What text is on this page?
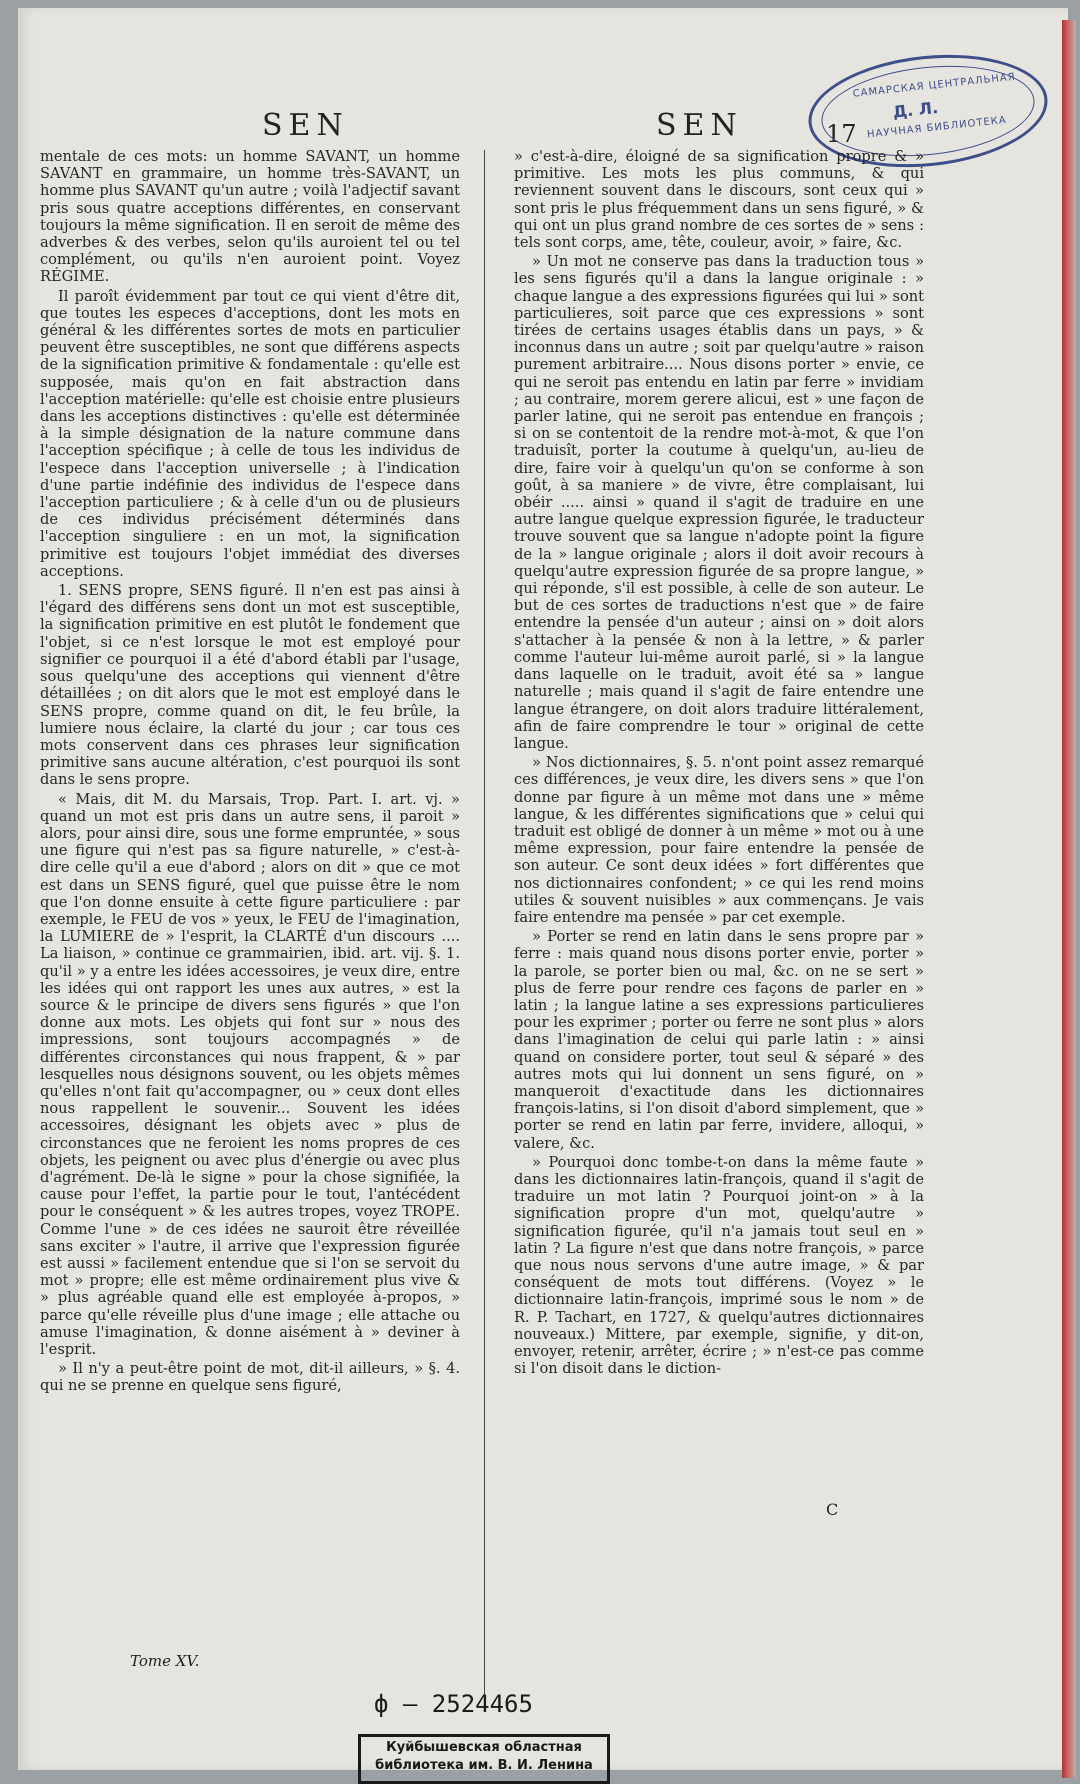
SEN	SEN	17
САМАРСКАЯ ЦЕНТРАЛЬНАЯ
Д. Л.
НАУЧНАЯ БИБЛИОТЕКА

mentale de ces mots: un homme SAVANT, un homme SAVANT en grammaire, un homme très-SAVANT, un homme plus SAVANT qu'un autre ; voilà l'adjectif savant pris sous quatre acceptions différentes, en conservant toujours la même signification. Il en seroit de même des adverbes & des verbes, selon qu'ils auroient tel ou tel complément, ou qu'ils n'en auroient point. Voyez RÉGIME.

Il paroît évidemment par tout ce qui vient d'être dit, que toutes les especes d'acceptions, dont les mots en général & les différentes sortes de mots en particulier peuvent être susceptibles, ne sont que différens aspects de la signification primitive & fondamentale : qu'elle est supposée, mais qu'on en fait abstraction dans l'acception matérielle: qu'elle est choisie entre plusieurs dans les acceptions distinctives : qu'elle est déterminée à la simple désignation de la nature commune dans l'acception spécifique ; à celle de tous les individus de l'espece dans l'acception universelle ; à l'indication d'une partie indéfinie des individus de l'espece dans l'acception particuliere ; & à celle d'un ou de plusieurs de ces individus précisément déterminés dans l'acception singuliere : en un mot, la signification primitive est toujours l'objet immédiat des diverses acceptions.

1. SENS propre, SENS figuré. Il n'en est pas ainsi à l'égard des différens sens dont un mot est susceptible, la signification primitive en est plutôt le fondement que l'objet, si ce n'est lorsque le mot est employé pour signifier ce pourquoi il a été d'abord établi par l'usage, sous quelqu'une des acceptions qui viennent d'être détaillées ; on dit alors que le mot est employé dans le SENS propre, comme quand on dit, le feu brûle, la lumiere nous éclaire, la clarté du jour ; car tous ces mots conservent dans ces phrases leur signification primitive sans aucune altération, c'est pourquoi ils sont dans le sens propre.

« Mais, dit M. du Marsais, Trop. Part. I. art. vj. » quand un mot est pris dans un autre sens, il paroit » alors, pour ainsi dire, sous une forme empruntée, » sous une figure qui n'est pas sa figure naturelle, » c'est-à-dire celle qu'il a eue d'abord ; alors on dit » que ce mot est dans un SENS figuré, quel que puisse être le nom que l'on donne ensuite à cette figure particuliere : par exemple, le FEU de vos » yeux, le FEU de l'imagination, la LUMIERE de » l'esprit, la CLARTÉ d'un discours .... La liaison, » continue ce grammairien, ibid. art. vij. §. 1. qu'il » y a entre les idées accessoires, je veux dire, entre les idées qui ont rapport les unes aux autres, » est la source & le principe de divers sens figurés » que l'on donne aux mots. Les objets qui font sur » nous des impressions, sont toujours accompagnés » de différentes circonstances qui nous frappent, & » par lesquelles nous désignons souvent, ou les objets mêmes qu'elles n'ont fait qu'accompagner, ou » ceux dont elles nous rappellent le souvenir... Souvent les idées accessoires, désignant les objets avec » plus de circonstances que ne feroient les noms propres de ces objets, les peignent ou avec plus d'énergie ou avec plus d'agrément. De-là le signe » pour la chose signifiée, la cause pour l'effet, la partie pour le tout, l'antécédent pour le conséquent » & les autres tropes, voyez TROPE. Comme l'une » de ces idées ne sauroit être réveillée sans exciter » l'autre, il arrive que l'expression figurée est aussi » facilement entendue que si l'on se servoit du mot » propre; elle est même ordinairement plus vive & » plus agréable quand elle est employée à-propos, » parce qu'elle réveille plus d'une image ; elle attache ou amuse l'imagination, & donne aisément à » deviner à l'esprit.

» Il n'y a peut-être point de mot, dit-il ailleurs, » §. 4. qui ne se prenne en quelque sens figuré,

» c'est-à-dire, éloigné de sa signification propre & » primitive. Les mots les plus communs, & qui reviennent souvent dans le discours, sont ceux qui » sont pris le plus fréquemment dans un sens figuré, » & qui ont un plus grand nombre de ces sortes de » sens : tels sont corps, ame, tête, couleur, avoir, » faire, &c.

» Un mot ne conserve pas dans la traduction tous » les sens figurés qu'il a dans la langue originale : » chaque langue a des expressions figurées qui lui » sont particulieres, soit parce que ces expressions » sont tirées de certains usages établis dans un pays, » & inconnus dans un autre ; soit par quelqu'autre » raison purement arbitraire.... Nous disons porter » envie, ce qui ne seroit pas entendu en latin par ferre » invidiam ; au contraire, morem gerere alicui, est » une façon de parler latine, qui ne seroit pas entendue en françois ; si on se contentoit de la rendre mot-à-mot, & que l'on traduisît, porter la coutume à quelqu'un, au-lieu de dire, faire voir à quelqu'un qu'on se conforme à son goût, à sa maniere » de vivre, être complaisant, lui obéir ..... ainsi » quand il s'agit de traduire en une autre langue quelque expression figurée, le traducteur trouve souvent que sa langue n'adopte point la figure de la » langue originale ; alors il doit avoir recours à quelqu'autre expression figurée de sa propre langue, » qui réponde, s'il est possible, à celle de son auteur. Le but de ces sortes de traductions n'est que » de faire entendre la pensée d'un auteur ; ainsi on » doit alors s'attacher à la pensée & non à la lettre, » & parler comme l'auteur lui-même auroit parlé, si » la langue dans laquelle on le traduit, avoit été sa » langue naturelle ; mais quand il s'agit de faire entendre une langue étrangere, on doit alors traduire littéralement, afin de faire comprendre le tour » original de cette langue.

» Nos dictionnaires, §. 5. n'ont point assez remarqué ces différences, je veux dire, les divers sens » que l'on donne par figure à un même mot dans une » même langue, & les différentes significations que » celui qui traduit est obligé de donner à un même » mot ou à une même expression, pour faire entendre la pensée de son auteur. Ce sont deux idées » fort différentes que nos dictionnaires confondent; » ce qui les rend moins utiles & souvent nuisibles » aux commençans. Je vais faire entendre ma pensée » par cet exemple.

» Porter se rend en latin dans le sens propre par » ferre : mais quand nous disons porter envie, porter » la parole, se porter bien ou mal, &c. on ne se sert » plus de ferre pour rendre ces façons de parler en » latin ; la langue latine a ses expressions particulieres pour les exprimer ; porter ou ferre ne sont plus » alors dans l'imagination de celui qui parle latin : » ainsi quand on considere porter, tout seul & séparé » des autres mots qui lui donnent un sens figuré, on » manqueroit d'exactitude dans les dictionnaires françois-latins, si l'on disoit d'abord simplement, que » porter se rend en latin par ferre, invidere, alloqui, » valere, &c.

» Pourquoi donc tombe-t-on dans la même faute » dans les dictionnaires latin-françois, quand il s'agit de traduire un mot latin ? Pourquoi joint-on » à la signification propre d'un mot, quelqu'autre » signification figurée, qu'il n'a jamais tout seul en » latin ? La figure n'est que dans notre françois, » parce que nous nous servons d'une autre image, » & par conséquent de mots tout différens. (Voyez » le dictionnaire latin-françois, imprimé sous le nom » de R. P. Tachart, en 1727, & quelqu'autres dictionnaires nouveaux.) Mittere, par exemple, signifie, y dit-on, envoyer, retenir, arrêter, écrire ; » n'est-ce pas comme si l'on disoit dans le diction-

Tome XV.
C
ф – 2524465
Куйбышевская областная
библиотека им. В. И. Ленина
